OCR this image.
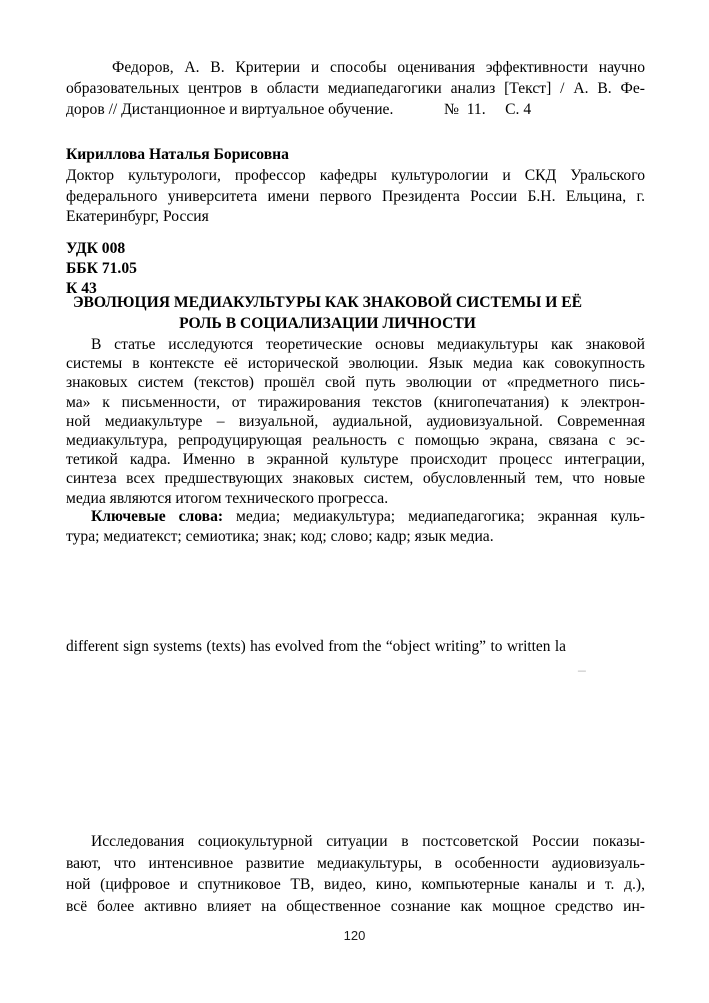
Федоров, А. В. Критерии и способы оценивания эффективности научно
образовательных центров в области медиапедагогики анализ [Текст] / А. В. Фе-
доров // Дистанционное и виртуальное обучение.             №  11.     С. 4
Кириллова Наталья Борисовна
Доктор культурологи, профессор кафедры культурологии и СКД Уральского
федерального университета имени первого Президента России Б.Н. Ельцина, г.
Екатеринбург, Россия
УДК 008
ББК 71.05
К 43
ЭВОЛЮЦИЯ МЕДИАКУЛЬТУРЫ КАК ЗНАКОВОЙ СИСТЕМЫ И ЕЁ
РОЛЬ В СОЦИАЛИЗАЦИИ ЛИЧНОСТИ
В статье исследуются теоретические основы медиакультуры как знаковой
системы в контексте её исторической эволюции. Язык медиа как совокупность
знаковых систем (текстов) прошёл свой путь эволюции от «предметного пись-
ма» к письменности, от тиражирования текстов (книгопечатания) к электрон-
ной медиакультуре – визуальной, аудиальной, аудиовизуальной. Современная
медиакультура, репродуцирующая реальность с помощью экрана, связана с эс-
тетикой кадра. Именно в экранной культуре происходит процесс интеграции,
синтеза всех предшествующих знаковых систем, обусловленный тем, что новые
медиа являются итогом технического прогресса.
Ключевые слова: медиа; медиакультура; медиапедагогика; экранная куль-
тура; медиатекст; семиотика; знак; код; слово; кадр; язык медиа.
different sign systems (texts) has evolved from the “object writing” to written la
–
Исследования социокультурной ситуации в постсоветской России показы-
вают, что интенсивное развитие медиакультуры, в особенности аудиовизуаль-
ной (цифровое и спутниковое ТВ, видео, кино, компьютерные каналы и т. д.),
всё более активно влияет на общественное сознание как мощное средство ин-
120
